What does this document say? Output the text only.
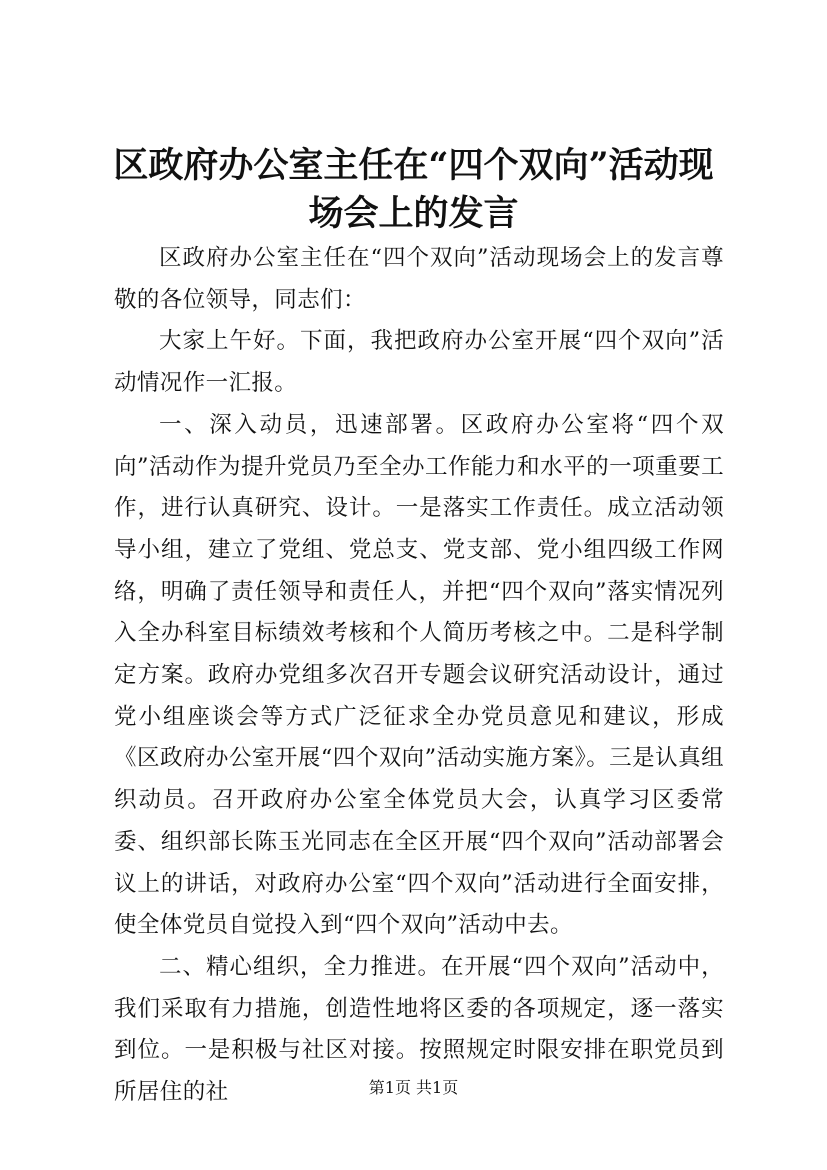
区政府办公室主任在“四个双向”活动现场会上的发言

区政府办公室主任在“四个双向”活动现场会上的发言尊敬的各位领导，同志们：

大家上午好。下面，我把政府办公室开展“四个双向”活动情况作一汇报。

一、深入动员，迅速部署。区政府办公室将“四个双向”活动作为提升党员乃至全办工作能力和水平的一项重要工作，进行认真研究、设计。一是落实工作责任。成立活动领导小组，建立了党组、党总支、党支部、党小组四级工作网络，明确了责任领导和责任人，并把“四个双向”落实情况列入全办科室目标绩效考核和个人简历考核之中。二是科学制定方案。政府办党组多次召开专题会议研究活动设计，通过党小组座谈会等方式广泛征求全办党员意见和建议，形成《区政府办公室开展“四个双向”活动实施方案》。三是认真组织动员。召开政府办公室全体党员大会，认真学习区委常委、组织部长陈玉光同志在全区开展“四个双向”活动部署会议上的讲话，对政府办公室“四个双向”活动进行全面安排，使全体党员自觉投入到“四个双向”活动中去。

二、精心组织，全力推进。在开展“四个双向”活动中，我们采取有力措施，创造性地将区委的各项规定，逐一落实到位。一是积极与社区对接。按照规定时限安排在职党员到所居住的社	第1页 共1页
